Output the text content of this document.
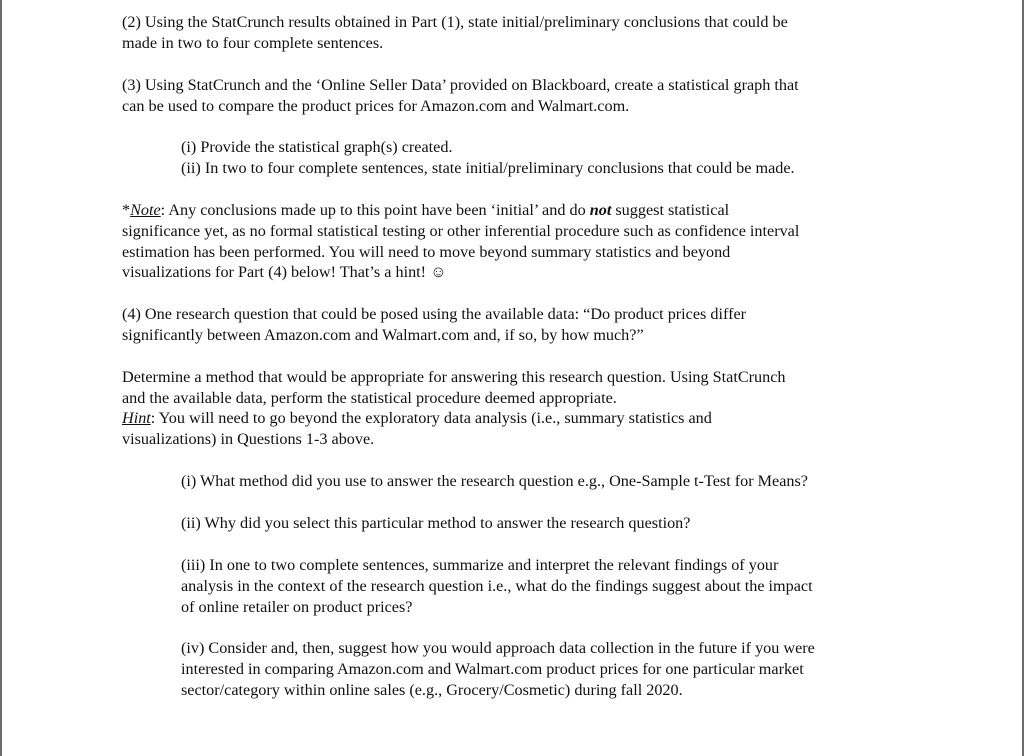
(2) Using the StatCrunch results obtained in Part (1), state initial/preliminary conclusions that could be

made in two to four complete sentences.

(3) Using StatCrunch and the ‘Online Seller Data’ provided on Blackboard, create a statistical graph that

can be used to compare the product prices for Amazon.com and Walmart.com.

(i) Provide the statistical graph(s) created.

(ii) In two to four complete sentences, state initial/preliminary conclusions that could be made.

*Note: Any conclusions made up to this point have been ‘initial’ and do not suggest statistical

significance yet, as no formal statistical testing or other inferential procedure such as confidence interval

estimation has been performed. You will need to move beyond summary statistics and beyond

visualizations for Part (4) below! That’s a hint! ☺

(4) One research question that could be posed using the available data: “Do product prices differ

significantly between Amazon.com and Walmart.com and, if so, by how much?”

Determine a method that would be appropriate for answering this research question. Using StatCrunch

and the available data, perform the statistical procedure deemed appropriate.

Hint: You will need to go beyond the exploratory data analysis (i.e., summary statistics and

visualizations) in Questions 1-3 above.

(i) What method did you use to answer the research question e.g., One-Sample t-Test for Means?

(ii) Why did you select this particular method to answer the research question?

(iii) In one to two complete sentences, summarize and interpret the relevant findings of your

analysis in the context of the research question i.e., what do the findings suggest about the impact

of online retailer on product prices?

(iv) Consider and, then, suggest how you would approach data collection in the future if you were

interested in comparing Amazon.com and Walmart.com product prices for one particular market

sector/category within online sales (e.g., Grocery/Cosmetic) during fall 2020.
